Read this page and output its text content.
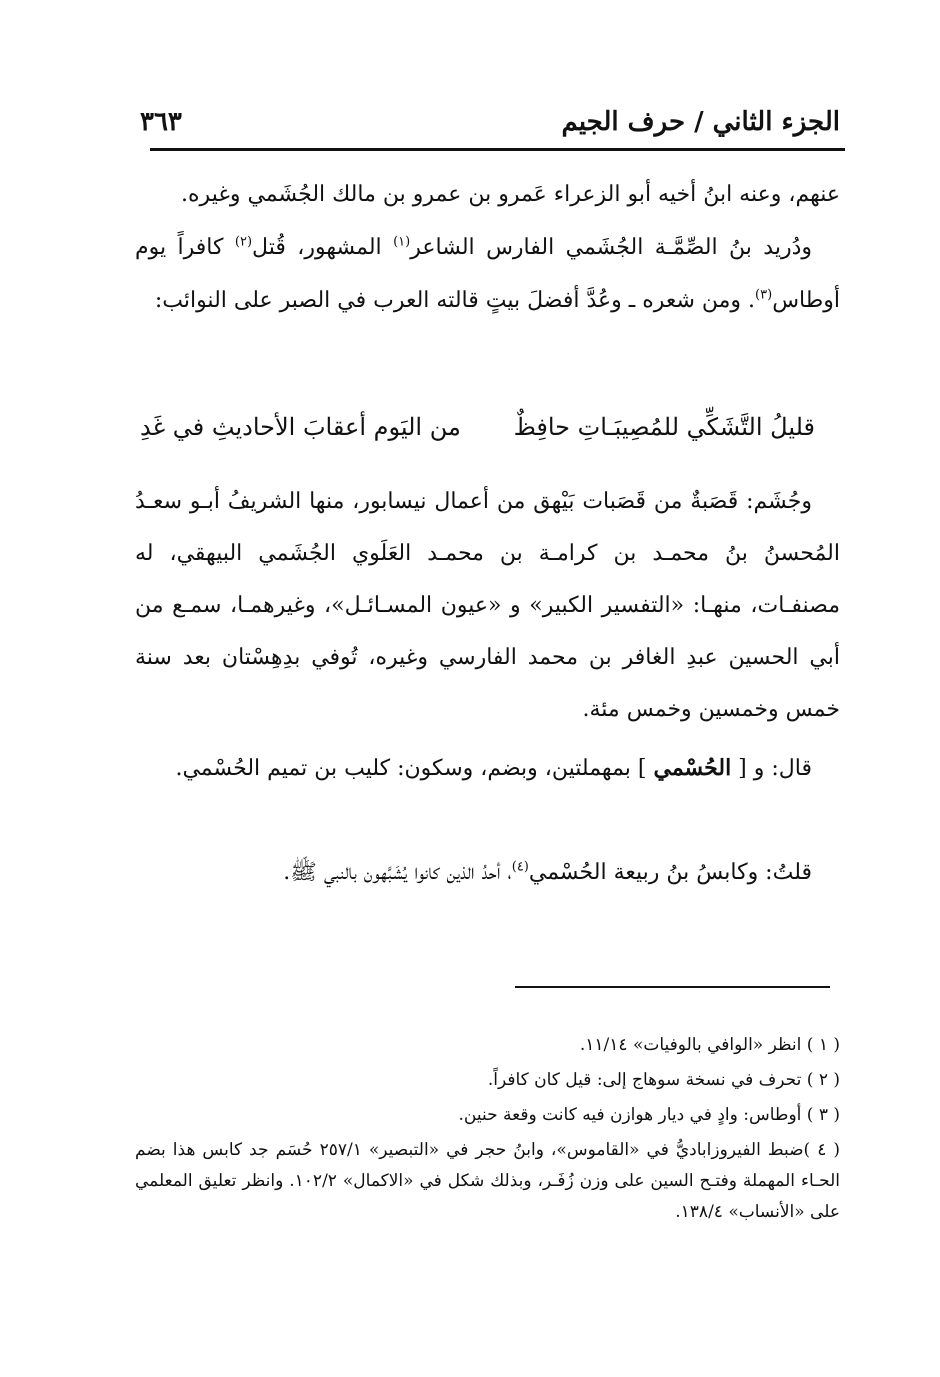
الجزء الثاني / حرف الجيم
٣٦٣

عنهم، وعنه ابنُ أخيه أبو الزعراء عَمرو بن عمرو بن مالك الجُشَمي وغيره.

ودُريد بنُ الصِّمَّـة الجُشَمي الفارس الشاعر$^{(١)}$ المشهور، قُتل$^{(٢)}$ كافراً يوم أوطاس$^{(٣)}$. ومن شعره ـ وعُدَّ أفضلَ بيتٍ قالته العرب في الصبر على النوائب:

قليلُ التَّشَكِّي للمُصِيبَـاتِ حافِظٌ
من اليَوم أعقابَ الأحاديثِ في غَدِ

وجُشَم: قَصَبةٌ من قَصَبات بَيْهق من أعمال نيسابور، منها الشريفُ أبـو سعـدُ المُحسنُ بنُ محمـد بن كرامـة بن محمـد العَلَوي الجُشَمي البيهقي، له مصنفـات، منهـا: «التفسير الكبير» و «عيون المسـائـل»، وغيرهمـا، سمـع من أبي الحسين عبدِ الغافر بن محمد الفارسي وغيره، تُوفي بدِهِسْتان بعد سنة خمس وخمسين وخمس مئة.

قال: و [ الحُسْمي ] بمهملتين، وبضم، وسكون: كليب بن تميم الحُسْمي.

قلتُ: وكابسُ بنُ ربيعة الحُسْمي$^{(٤)}$، أحدُ الذين كانوا يُشَبَّهون بالنبي ﷺ.

( ١ ) انظر «الوافي بالوفيات» ١١/١٤.

( ٢ ) تحرف في نسخة سوهاج إلى: قيل كان كافراً.

( ٣ ) أوطاس: وادٍ في ديار هوازن فيه كانت وقعة حنين.

( ٤ )ضبط الفيروزاباديُّ في «القاموس»، وابنُ حجر في «التبصير» ٢٥٧/١ حُسَم جد كابس هذا بضم الحـاء المهملة وفتـح السين على وزن زُفَـر، وبذلك شكل في «الاكمال» ١٠٢/٢. وانظر تعليق المعلمي على «الأنساب» ١٣٨/٤.
